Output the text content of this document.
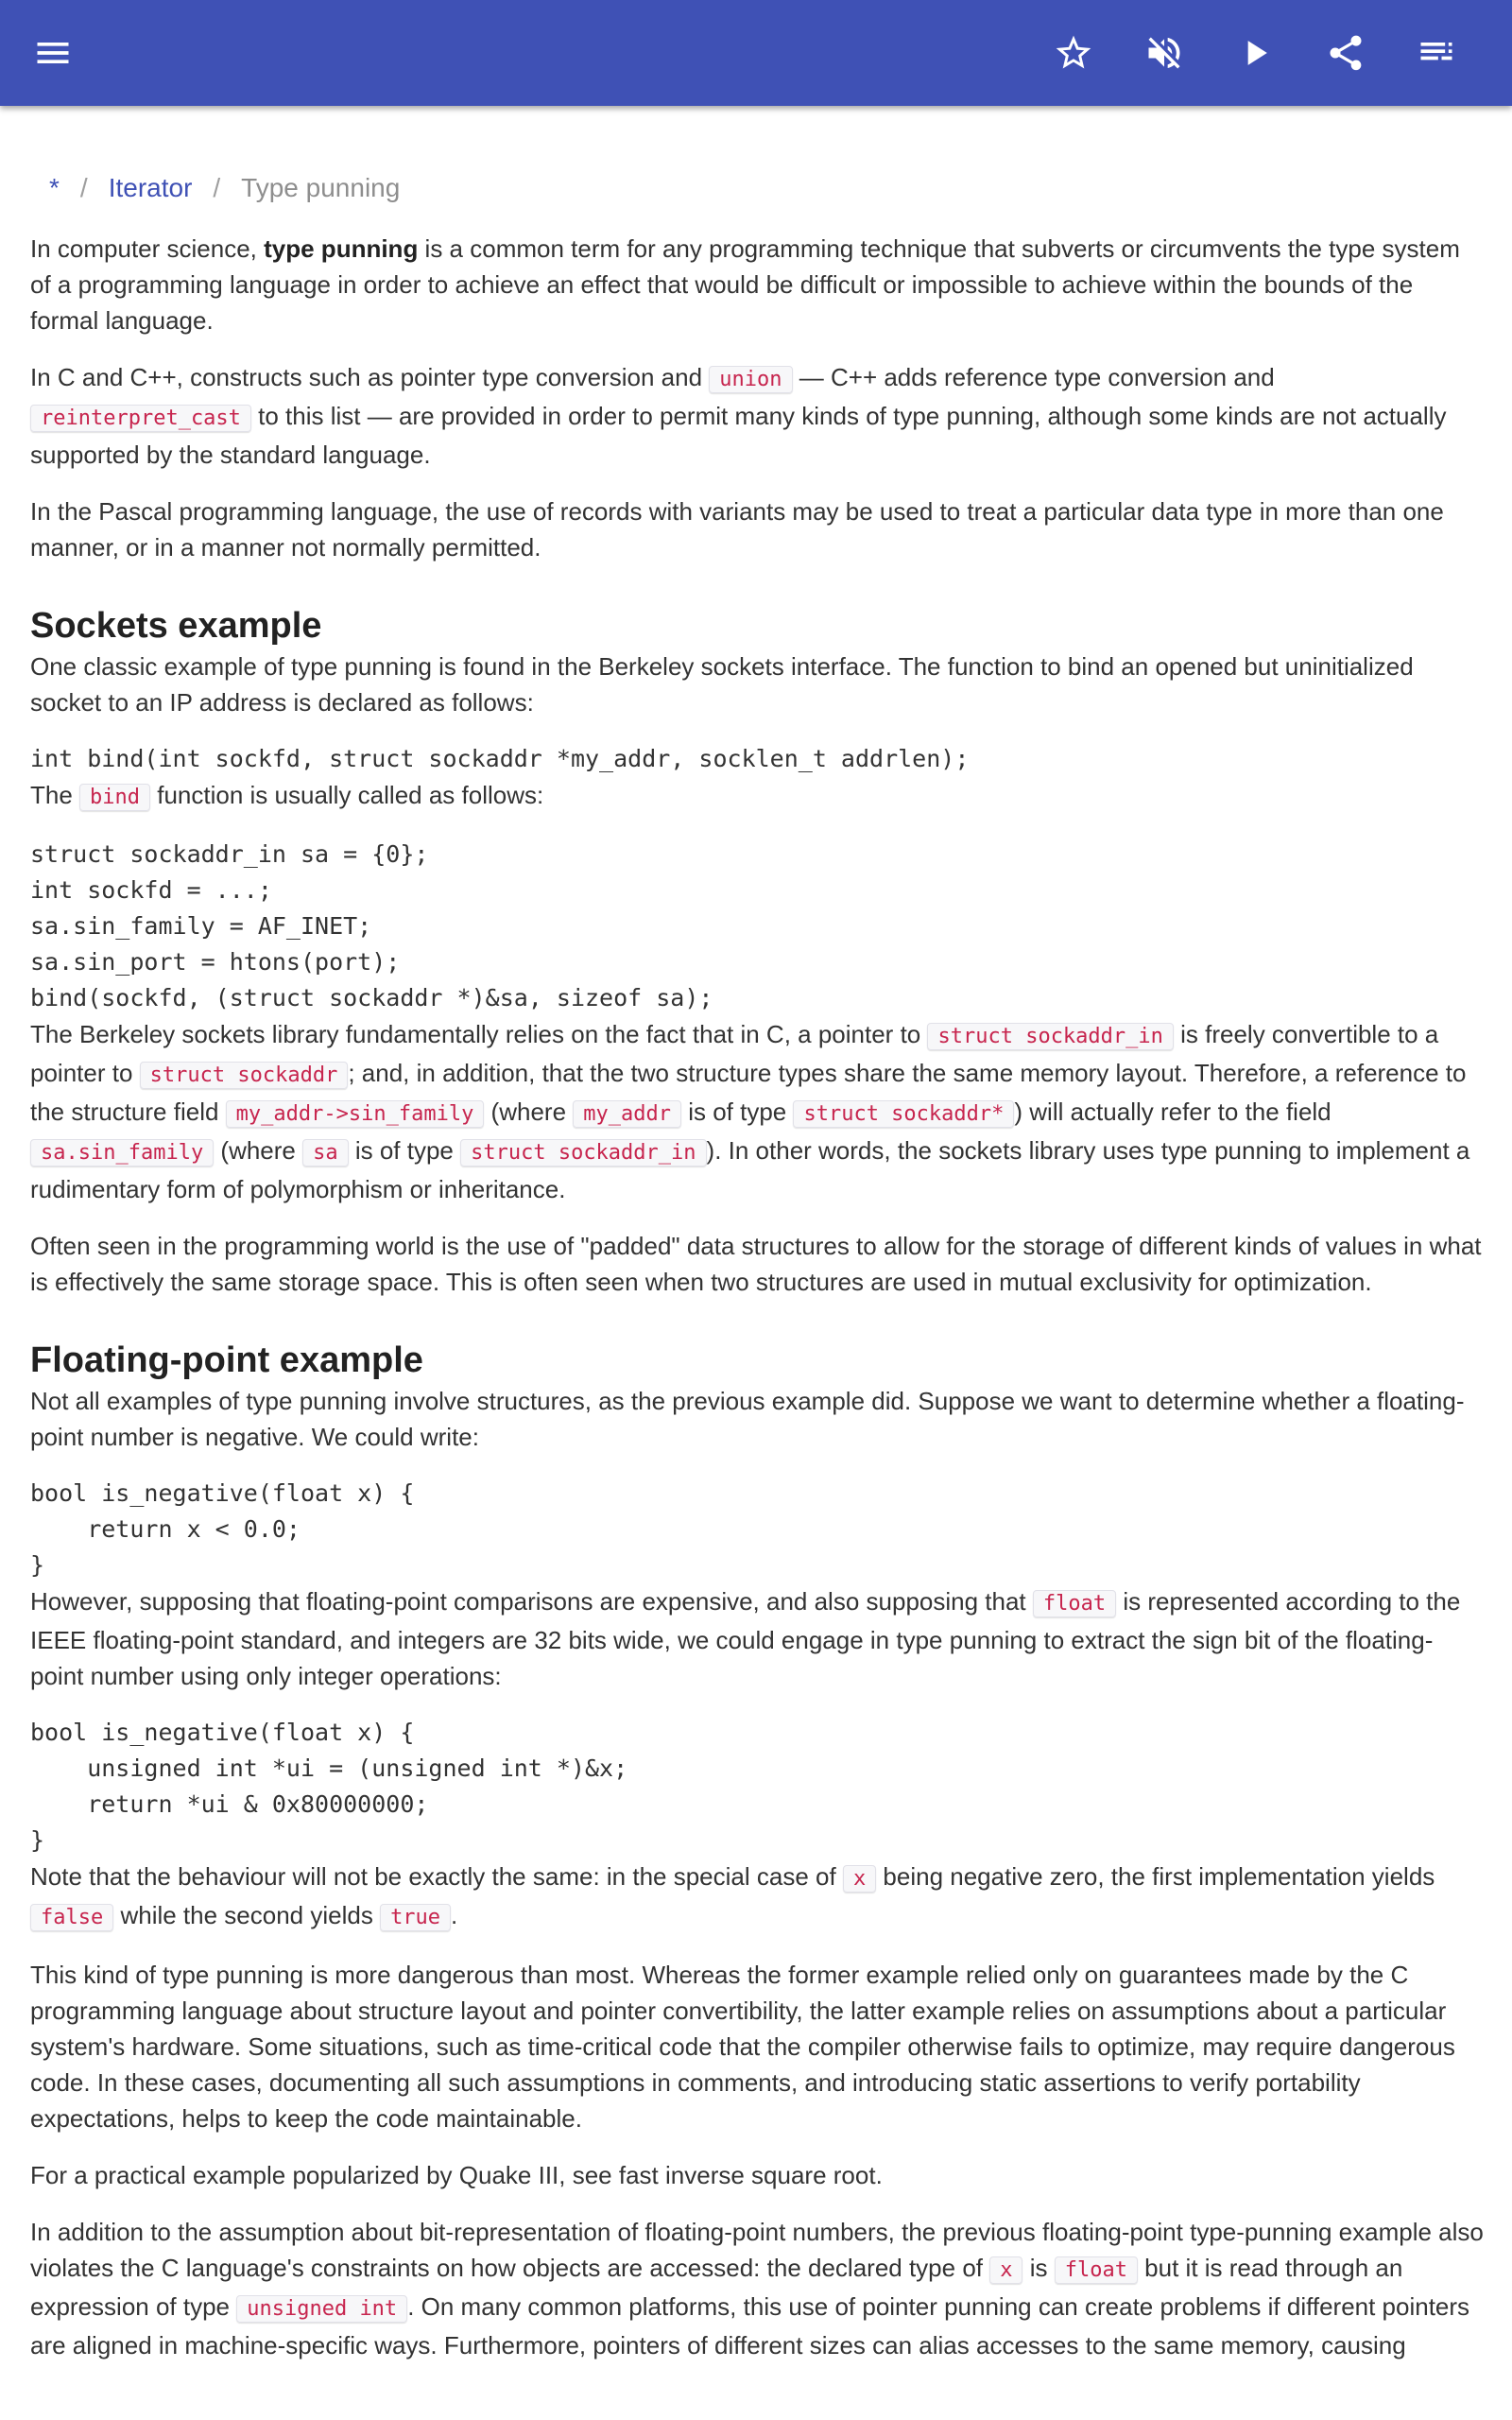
* / Iterator / Type punning

In computer science, type punning is a common term for any programming technique that subverts or circumvents the type system of a programming language in order to achieve an effect that would be difficult or impossible to achieve within the bounds of the formal language.

In C and C++, constructs such as pointer type conversion and union — C++ adds reference type conversion and reinterpret_cast to this list — are provided in order to permit many kinds of type punning, although some kinds are not actually supported by the standard language.

In the Pascal programming language, the use of records with variants may be used to treat a particular data type in more than one manner, or in a manner not normally permitted.

Sockets example

One classic example of type punning is found in the Berkeley sockets interface. The function to bind an opened but uninitialized socket to an IP address is declared as follows:

int bind(int sockfd, struct sockaddr *my_addr, socklen_t addrlen);

The bind function is usually called as follows:

struct sockaddr_in sa = {0};
int sockfd = ...;
sa.sin_family = AF_INET;
sa.sin_port = htons(port);
bind(sockfd, (struct sockaddr *)&sa, sizeof sa);

The Berkeley sockets library fundamentally relies on the fact that in C, a pointer to struct sockaddr_in is freely convertible to a pointer to struct sockaddr ; and, in addition, that the two structure types share the same memory layout. Therefore, a reference to the structure field my_addr->sin_family (where my_addr is of type struct sockaddr* ) will actually refer to the field sa.sin_family (where sa is of type struct sockaddr_in ). In other words, the sockets library uses type punning to implement a rudimentary form of polymorphism or inheritance.

Often seen in the programming world is the use of "padded" data structures to allow for the storage of different kinds of values in what is effectively the same storage space. This is often seen when two structures are used in mutual exclusivity for optimization.

Floating-point example

Not all examples of type punning involve structures, as the previous example did. Suppose we want to determine whether a floating-point number is negative. We could write:

bool is_negative(float x) {
return x < 0.0;
}

However, supposing that floating-point comparisons are expensive, and also supposing that float is represented according to the IEEE floating-point standard, and integers are 32 bits wide, we could engage in type punning to extract the sign bit of the floating-point number using only integer operations:

bool is_negative(float x) {
unsigned int *ui = (unsigned int *)&x;
return *ui & 0x80000000;
}

Note that the behaviour will not be exactly the same: in the special case of x being negative zero, the first implementation yields false while the second yields true .

This kind of type punning is more dangerous than most. Whereas the former example relied only on guarantees made by the C programming language about structure layout and pointer convertibility, the latter example relies on assumptions about a particular system's hardware. Some situations, such as time-critical code that the compiler otherwise fails to optimize, may require dangerous code. In these cases, documenting all such assumptions in comments, and introducing static assertions to verify portability expectations, helps to keep the code maintainable.

For a practical example popularized by Quake III, see fast inverse square root.

In addition to the assumption about bit-representation of floating-point numbers, the previous floating-point type-punning example also violates the C language's constraints on how objects are accessed: the declared type of x is float but it is read through an expression of type unsigned int . On many common platforms, this use of pointer punning can create problems if different pointers are aligned in machine-specific ways. Furthermore, pointers of different sizes can alias accesses to the same memory, causing
